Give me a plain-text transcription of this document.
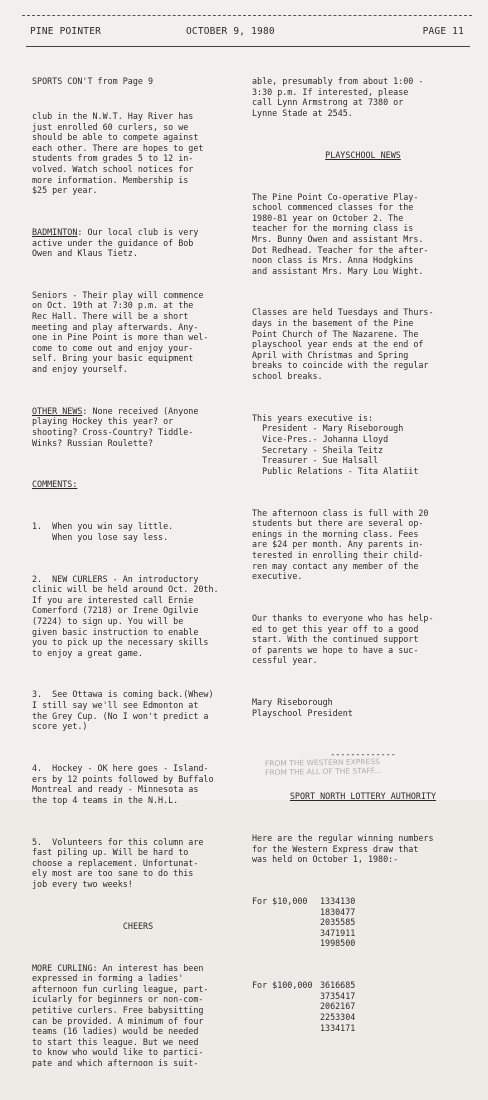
PINE POINTER	OCTOBER 9, 1980	PAGE 11

SPORTS CON'T from Page 9

club in the N.W.T. Hay River has
just enrolled 60 curlers, so we
should be able to compete against
each other. There are hopes to get
students from grades 5 to 12 in-
volved. Watch school notices for
more information. Membership is
$25 per year.

BADMINTON: Our local club is very
active under the guidance of Bob
Owen and Klaus Tietz.

Seniors - Their play will commence
on Oct. 19th at 7:30 p.m. at the
Rec Hall. There will be a short
meeting and play afterwards. Any-
one in Pine Point is more than wel-
come to come out and enjoy your-
self. Bring your basic equipment
and enjoy yourself.

OTHER NEWS: None received (Anyone
playing Hockey this year? or
shooting? Cross-Country? Tiddle-
Winks? Russian Roulette?

COMMENTS:

1.  When you win say little.
When you lose say less.

2.  NEW CURLERS - An introductory
clinic will be held around Oct. 20th.
If you are interested call Ernie
Comerford (7218) or Irene Ogilvie
(7224) to sign up. You will be
given basic instruction to enable
you to pick up the necessary skills
to enjoy a great game.

3.  See Ottawa is coming back.(Whew)
I still say we'll see Edmonton at
the Grey Cup. (No I won't predict a
score yet.)

4.  Hockey - OK here goes - Island-
ers by 12 points followed by Buffalo
Montreal and ready - Minnesota as
the top 4 teams in the N.H.L.

5.  Volunteers for this column are
fast piling up. Will be hard to
choose a replacement. Unfortunat-
ely most are too sane to do this
job every two weeks!

CHEERS

MORE CURLING: An interest has been
expressed in forming a ladies'
afternoon fun curling league, part-
icularly for beginners or non-com-
petitive curlers. Free babysitting
can be provided. A minimum of four
teams (16 ladies) would be needed
to start this league. But we need
to know who would like to partici-
pate and which afternoon is suit-

able, presumably from about 1:00 -
3:30 p.m. If interested, please
call Lynn Armstrong at 7380 or
Lynne Stade at 2545.

PLAYSCHOOL NEWS

The Pine Point Co-operative Play-
school commenced classes for the
1980-81 year on October 2. The
teacher for the morning class is
Mrs. Bunny Owen and assistant Mrs.
Dot Redhead. Teacher for the after-
noon class is Mrs. Anna Hodgkins
and assistant Mrs. Mary Lou Wight.

Classes are held Tuesdays and Thurs-
days in the basement of the Pine
Point Church of The Nazarene. The
playschool year ends at the end of
April with Christmas and Spring
breaks to coincide with the regular
school breaks.

This years executive is:
President - Mary Riseborough
Vice-Pres.- Johanna Lloyd
Secretary - Sheila Teitz
Treasurer - Sue Halsall
Public Relations - Tita Alatiit

The afternoon class is full with 20
students but there are several op-
enings in the morning class. Fees
are $24 per month. Any parents in-
terested in enrolling their child-
ren may contact any member of the
executive.

Our thanks to everyone who has help-
ed to get this year off to a good
start. With the continued support
of parents we hope to have a suc-
cessful year.

Mary Riseborough
Playschool President

-------------

SPORT NORTH LOTTERY AUTHORITY

Here are the regular winning numbers
for the Western Express draw that
was held on October 1, 1980:-

For $10,000	1334130
1830477
2035585
3471911
1998500

For $100,000 3616685
3735417
2062167
2253304
1334171

FROM THE WESTERN EXPRESS
FROM THE ALL OF THE STAFF...
